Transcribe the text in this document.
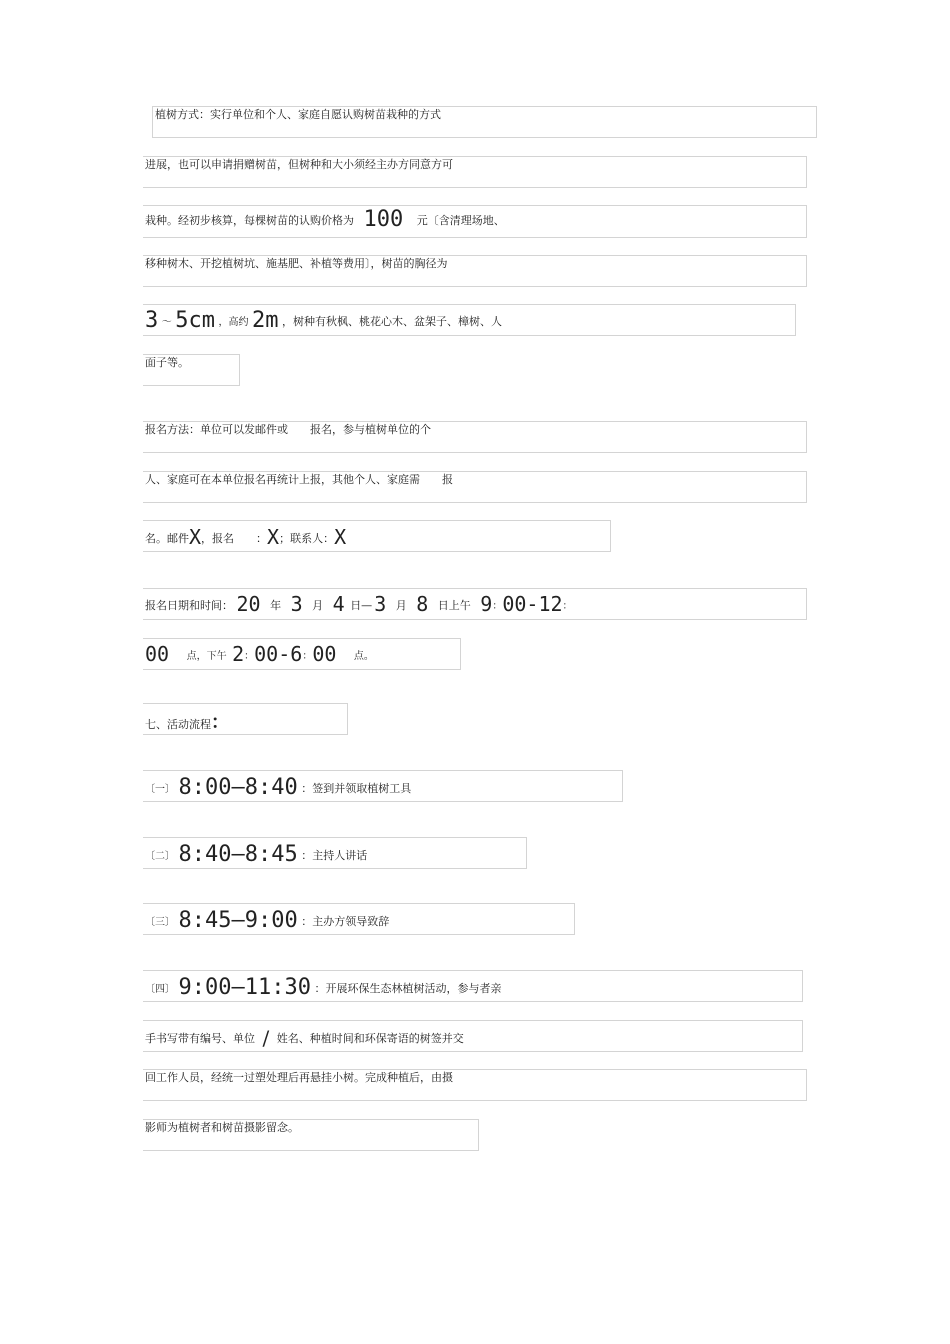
植树方式：实行单位和个人、家庭自愿认购树苗栽种的方式
进展，也可以申请捐赠树苗，但树种和大小须经主办方同意方可
栽种。经初步核算，每棵树苗的认购价格为 100 元〔含清理场地、
移种树木、开挖植树坑、施基肥、补植等费用〕，树苗的胸径为
3 ～ 5cm ，高约 2m ，树种有秋枫、桃花心木、盆架子、樟树、人
面子等。
报名方法：单位可以发邮件或　　报名，参与植树单位的个
人、家庭可在本单位报名再统计上报，其他个人、家庭需　　报
名。邮件X，报名　　：X；联系人：X
报名日期和时间： 20 年 3 月 4 日— 3 月 8 日上午 9：00-12：
00 点，下午 2：00-6：00 点。
七、活动流程：
〔一〕 8:00—8:40 ：签到并领取植树工具
〔二〕 8:40—8:45 ：主持人讲话
〔三〕 8:45—9:00 ：主办方领导致辞
〔四〕 9:00—11:30 ：开展环保生态林植树活动，参与者亲
手书写带有编号、单位 / 姓名、种植时间和环保寄语的树签并交
回工作人员，经统一过塑处理后再悬挂小树。完成种植后，由摄
影师为植树者和树苗摄影留念。
